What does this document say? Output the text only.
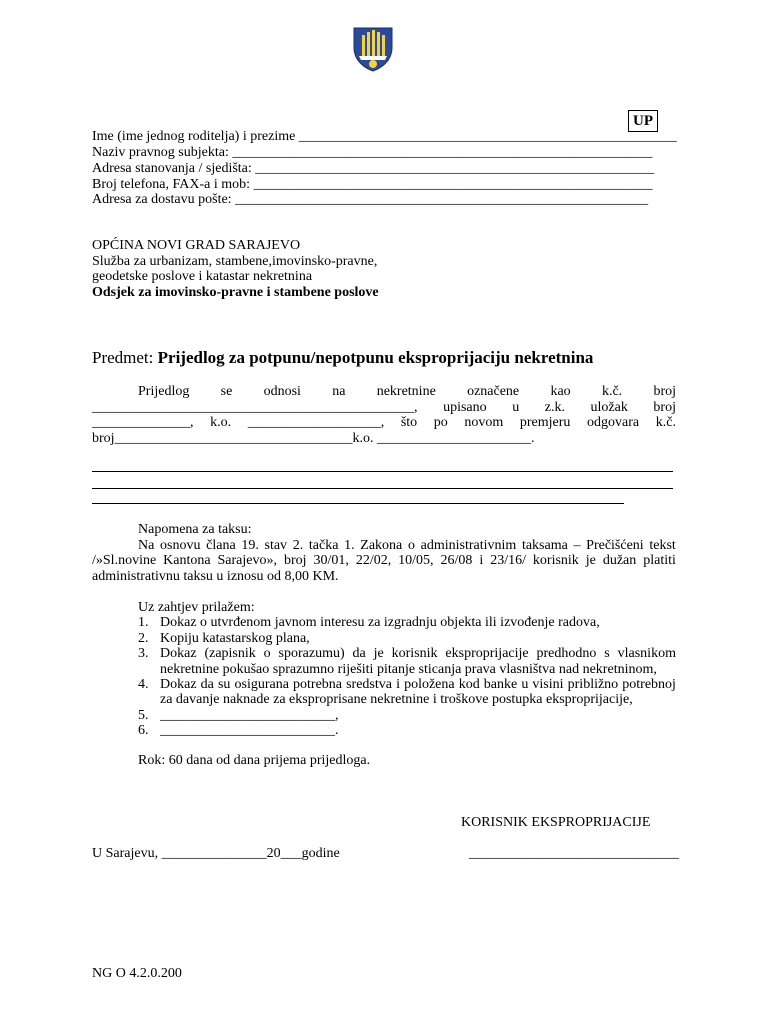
UP
Ime (ime jednog roditelja) i prezime ______________________________________________________
Naziv pravnog subjekta: ____________________________________________________________
Adresa stanovanja / sjedišta: _________________________________________________________
Broj telefona, FAX-a i mob: _________________________________________________________
Adresa za dostavu pošte: ___________________________________________________________
OPĆINA NOVI GRAD SARAJEVO
Služba za urbanizam, stambene,imovinsko-pravne,
geodetske poslove i katastar nekretnina
Odsjek za imovinsko-pravne i stambene poslove
Predmet: Prijedlog za potpunu/nepotpunu eksproprijaciju nekretnina
Prijedlog se odnosi na nekretnine označene kao k.č. broj
______________________________________________, upisano u z.k. uložak broj
______________, k.o. ___________________, što po novom premjeru odgovara k.č.
broj__________________________________k.o. ______________________.
Napomena za taksu:
Na osnovu člana 19. stav 2. tačka 1. Zakona o administrativnim taksama – Prečišćeni tekst
/»Sl.novine Kantona Sarajevo», broj 30/01, 22/02, 10/05, 26/08 i 23/16/ korisnik je dužan platiti
administrativnu taksu u iznosu od 8,00 KM.
Uz zahtjev prilažem:
1. Dokaz o utvrđenom javnom interesu za izgradnju objekta ili izvođenje radova,
2. Kopiju katastarskog plana,
3. Dokaz (zapisnik o sporazumu) da je korisnik eksproprijacije predhodno s vlasnikom
nekretnine pokušao sprazumno riješiti pitanje sticanja prava vlasništva nad nekretninom,
4. Dokaz da su osigurana potrebna sredstva i položena kod banke u visini približno potrebnoj
za davanje naknade za eksproprisane nekretnine i troškove postupka eksproprijacije,
5. _________________________,
6. _________________________.
Rok: 60 dana od dana prijema prijedloga.
KORISNIK EKSPROPRIJACIJE
U Sarajevu, _______________20___godine	______________________________
NG O 4.2.0.200
